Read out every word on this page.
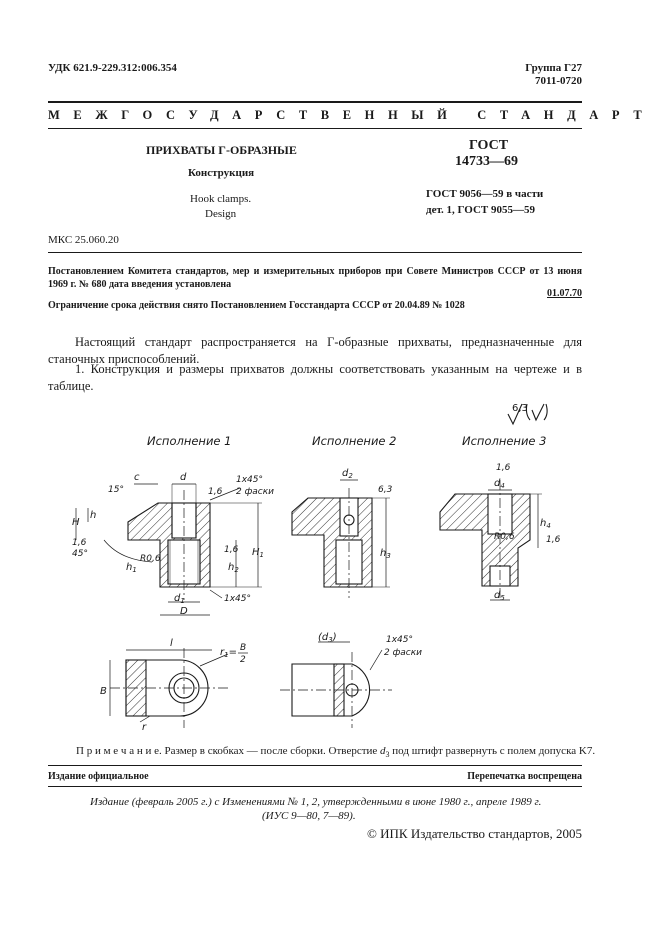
УДК 621.9-229.312:006.354	Группа Г27
7011-0720
МЕЖГОСУДАРСТВЕННЫЙ СТАНДАРТ
ПРИХВАТЫ Г-ОБРАЗНЫЕ
Конструкция
Hook clamps.
Design
ГОСТ
14733—69
ГОСТ 9056—59 в части
дет. 1, ГОСТ 9055—59
МКС 25.060.20
Постановлением Комитета стандартов, мер и измерительных приборов при Совете Министров СССР от 13 июня 1969 г. № 680 дата введения установлена
01.07.70
Ограничение срока действия снято Постановлением Госстандарта СССР от 20.04.89 № 1028
Настоящий стандарт распространяется на Г-образные прихваты, предназначенные для станочных приспособлений.
1. Конструкция и размеры прихватов должны соответствовать указанным на чертеже и в таблице.
6,3
Исполнение 1
c	d
15°
H
h
1,6
45°	R0,6
$h_1$
$d_1$
D
1,6
1x45°
2 фаски
1,6
$h_2$
$H_1$
1x45°
l
B
r
$r_1= B$
2
Исполнение 2
$d_2$
6,3
$h_3$
$(d_3)$	1x45°
2 фаски
Исполнение 3
$d_4$
1,6
R0,6
$h_4$
1,6
$d_5$
П р и м е ч а н и е. Размер в скобках — после сборки. Отверстие $d_3$ под штифт развернуть с полем допуска K7.
Издание официальное	Перепечатка воспрещена
Издание (февраль 2005 г.) с Изменениями № 1, 2, утвержденными в июне 1980 г., апреле 1989 г.
(ИУС 9—80, 7—89).
© ИПК Издательство стандартов, 2005
